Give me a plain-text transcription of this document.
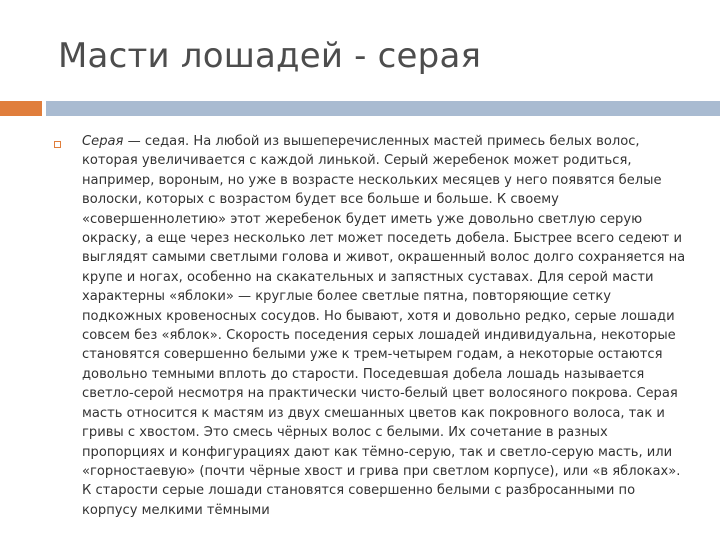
Масти лошадей - серая
Серая — седая. На любой из вышеперечисленных мастей примесь белых волос, которая увеличивается с каждой линькой. Серый жеребенок может родиться, например, вороным, но уже в возрасте нескольких месяцев у него появятся белые волоски, которых с возрастом будет все больше и больше. К своему «совершеннолетию» этот жеребенок будет иметь уже довольно светлую серую окраску, а еще через несколько лет может поседеть добела. Быстрее всего седеют и выглядят самыми светлыми голова и живот, окрашенный волос долго сохраняется на крупе и ногах, особенно на скакательных и запястных суставах. Для серой масти характерны «яблоки» — круглые более светлые пятна, повторяющие сетку подкожных кровеносных сосудов. Но бывают, хотя и довольно редко, серые лошади совсем без «яблок». Скорость поседения серых лошадей индивидуальна, некоторые становятся совершенно белыми уже к трем-четырем годам, а некоторые остаются довольно темными вплоть до старости. Поседевшая добела лошадь называется светло-серой несмотря на практически чисто-белый цвет волосяного покрова. Серая масть относится к мастям из двух смешанных цветов как покровного волоса, так и гривы с хвостом. Это смесь чёрных волос с белыми. Их сочетание в разных пропорциях и конфигурациях дают как тёмно-серую, так и светло-серую масть, или «горностаевую» (почти чёрные хвост и грива при светлом корпусе), или «в яблоках». К старости серые лошади становятся совершенно белыми с разбросанными по корпусу мелкими тёмными
